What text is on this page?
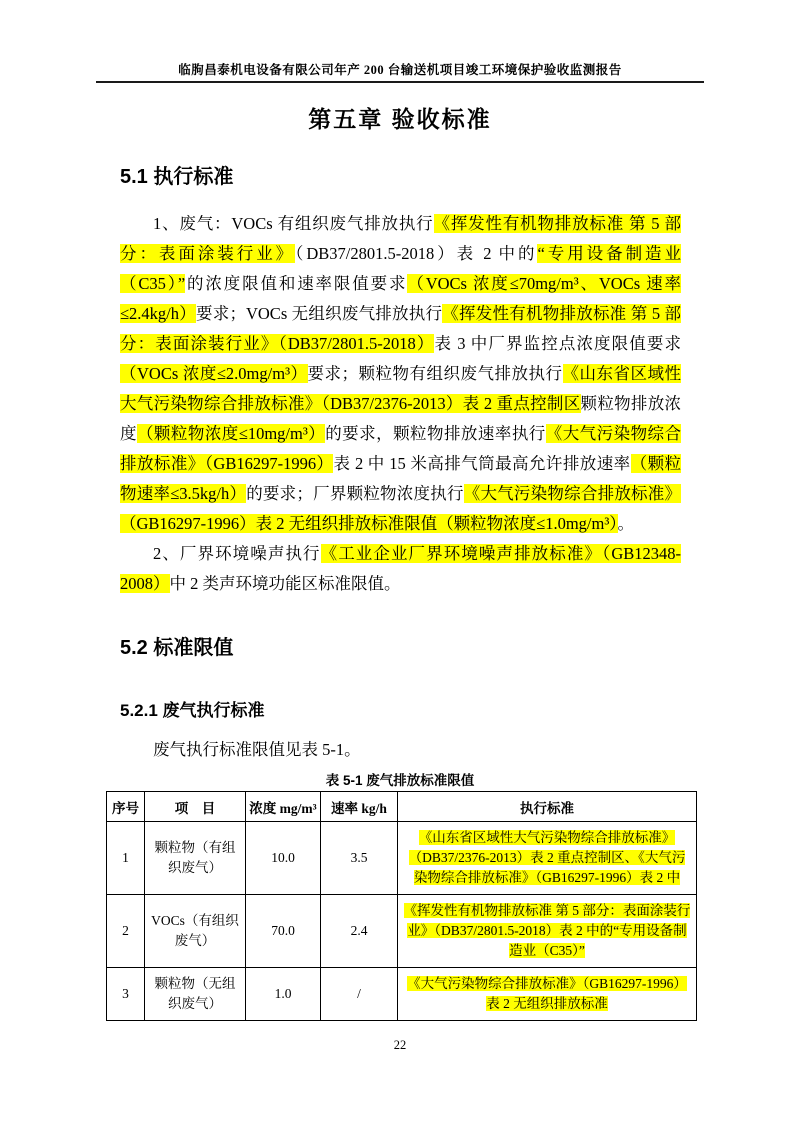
临朐昌泰机电设备有限公司年产 200 台输送机项目竣工环境保护验收监测报告
第五章 验收标准
5.1 执行标准

1、废气：VOCs 有组织废气排放执行《挥发性有机物排放标准 第 5 部分：表面涂装行业》（DB37/2801.5-2018）表 2 中的“专用设备制造业（C35）”的浓度限值和速率限值要求（VOCs 浓度≤70mg/m³、VOCs 速率≤2.4kg/h）要求；VOCs 无组织废气排放执行《挥发性有机物排放标准 第 5 部分：表面涂装行业》（DB37/2801.5-2018）表 3 中厂界监控点浓度限值要求（VOCs 浓度≤2.0mg/m³）要求；颗粒物有组织废气排放执行《山东省区域性大气污染物综合排放标准》（DB37/2376-2013）表 2 重点控制区颗粒物排放浓度（颗粒物浓度≤10mg/m³）的要求，颗粒物排放速率执行《大气污染物综合排放标准》（GB16297-1996）表 2 中 15 米高排气筒最高允许排放速率（颗粒物速率≤3.5kg/h）的要求；厂界颗粒物浓度执行《大气污染物综合排放标准》（GB16297-1996）表 2 无组织排放标准限值（颗粒物浓度≤1.0mg/m³）。

2、厂界环境噪声执行《工业企业厂界环境噪声排放标准》（GB12348-2008）中 2 类声环境功能区标准限值。

5.2 标准限值
5.2.1 废气执行标准

废气执行标准限值见表 5-1。

表 5-1 废气排放标准限值
序号	项　目	浓度 mg/m³	速率 kg/h	执行标准
1	颗粒物（有组织废气）	10.0	3.5	《山东省区域性大气污染物综合排放标准》（DB37/2376-2013）表 2 重点控制区、《大气污染物综合排放标准》（GB16297-1996）表 2 中
2	VOCs（有组织废气）	70.0	2.4	《挥发性有机物排放标准 第 5 部分：表面涂装行业》（DB37/2801.5-2018）表 2 中的“专用设备制造业（C35）”
3	颗粒物（无组织废气）	1.0	/	《大气污染物综合排放标准》（GB16297-1996）表 2 无组织排放标准
22
